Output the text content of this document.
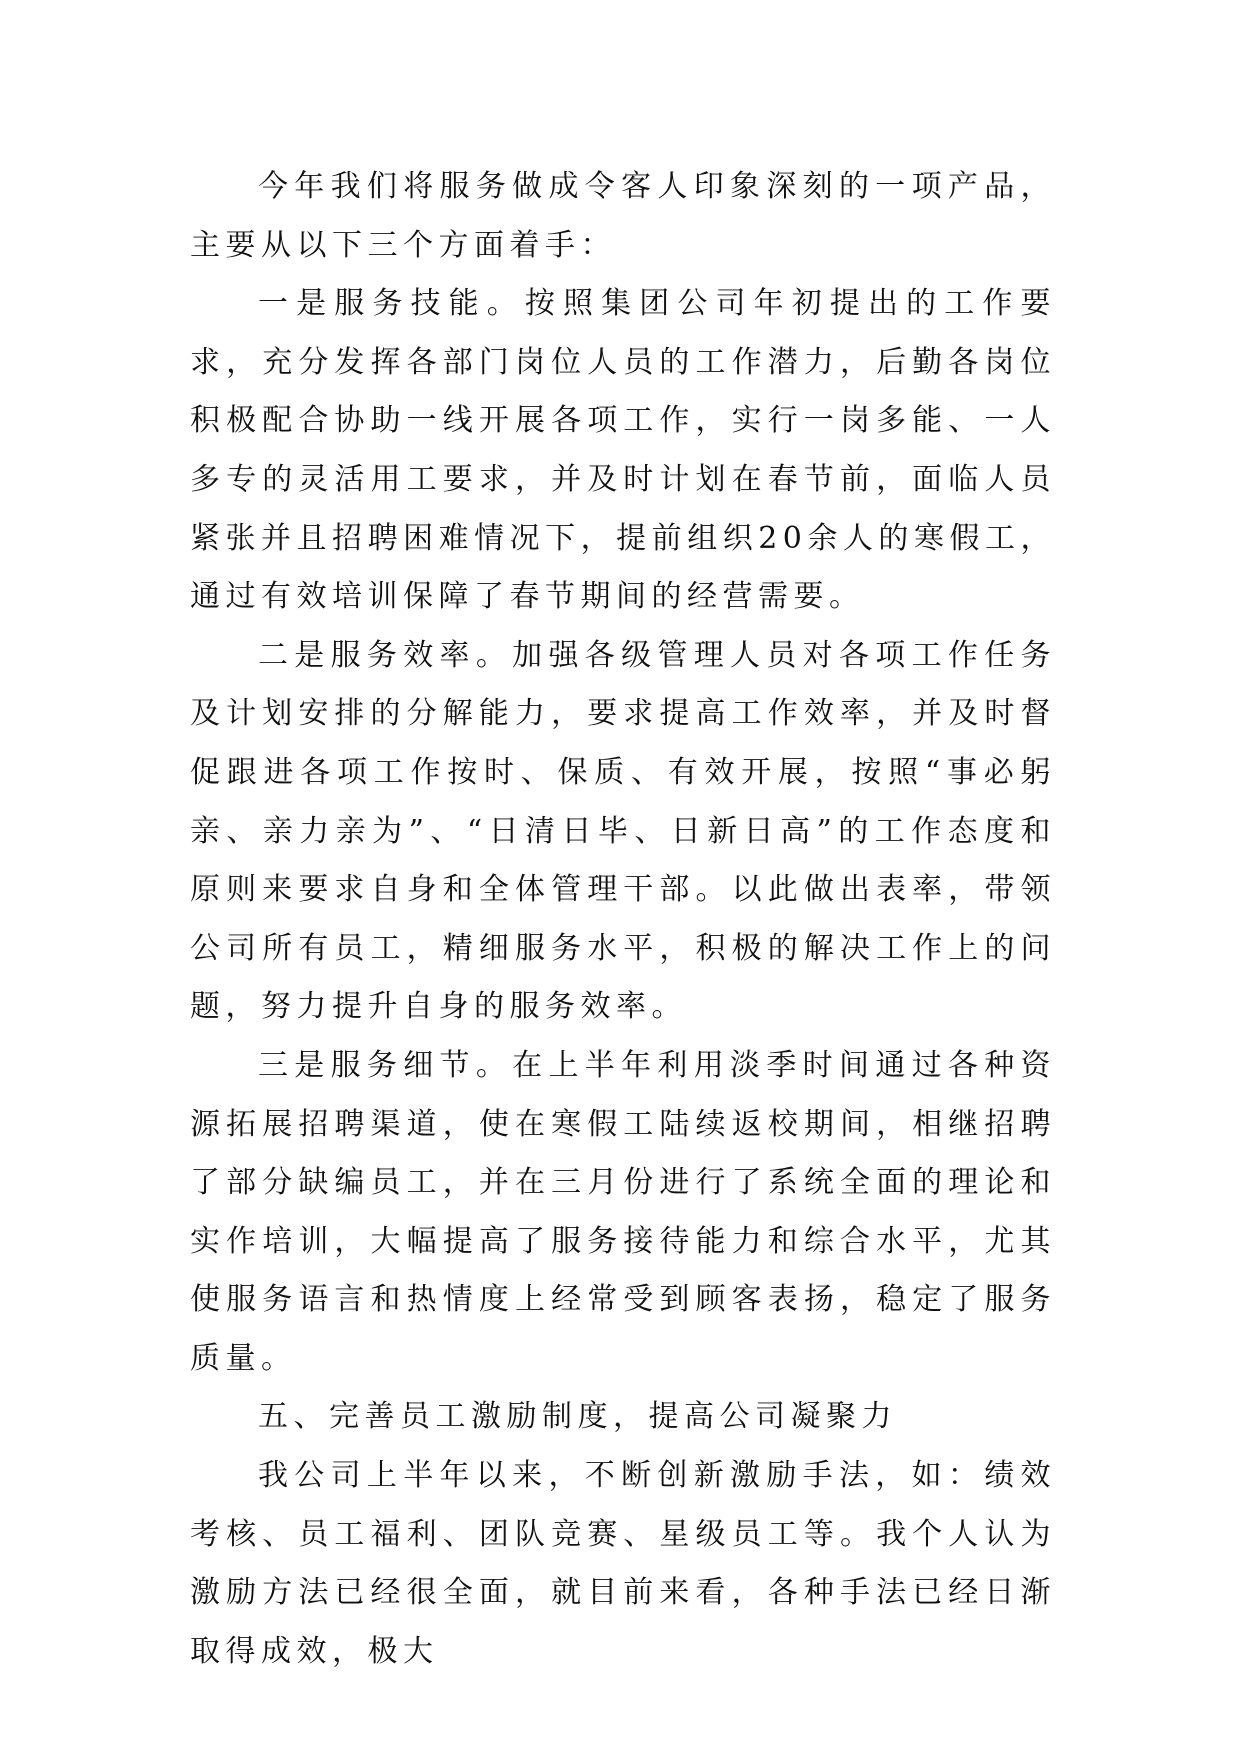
今年我们将服务做成令客人印象深刻的一项产品，主要从以下三个方面着手：

一是服务技能。按照集团公司年初提出的工作要求，充分发挥各部门岗位人员的工作潜力，后勤各岗位积极配合协助一线开展各项工作，实行一岗多能、一人多专的灵活用工要求，并及时计划在春节前，面临人员紧张并且招聘困难情况下，提前组织20余人的寒假工，通过有效培训保障了春节期间的经营需要。

二是服务效率。加强各级管理人员对各项工作任务及计划安排的分解能力，要求提高工作效率，并及时督促跟进各项工作按时、保质、有效开展，按照“事必躬亲、亲力亲为”、“日清日毕、日新日高”的工作态度和原则来要求自身和全体管理干部。以此做出表率，带领公司所有员工，精细服务水平，积极的解决工作上的问题，努力提升自身的服务效率。

三是服务细节。在上半年利用淡季时间通过各种资源拓展招聘渠道，使在寒假工陆续返校期间，相继招聘了部分缺编员工，并在三月份进行了系统全面的理论和实作培训，大幅提高了服务接待能力和综合水平，尤其使服务语言和热情度上经常受到顾客表扬，稳定了服务质量。

五、完善员工激励制度，提高公司凝聚力

我公司上半年以来，不断创新激励手法，如：绩效考核、员工福利、团队竞赛、星级员工等。我个人认为激励方法已经很全面，就目前来看，各种手法已经日渐取得成效，极大
